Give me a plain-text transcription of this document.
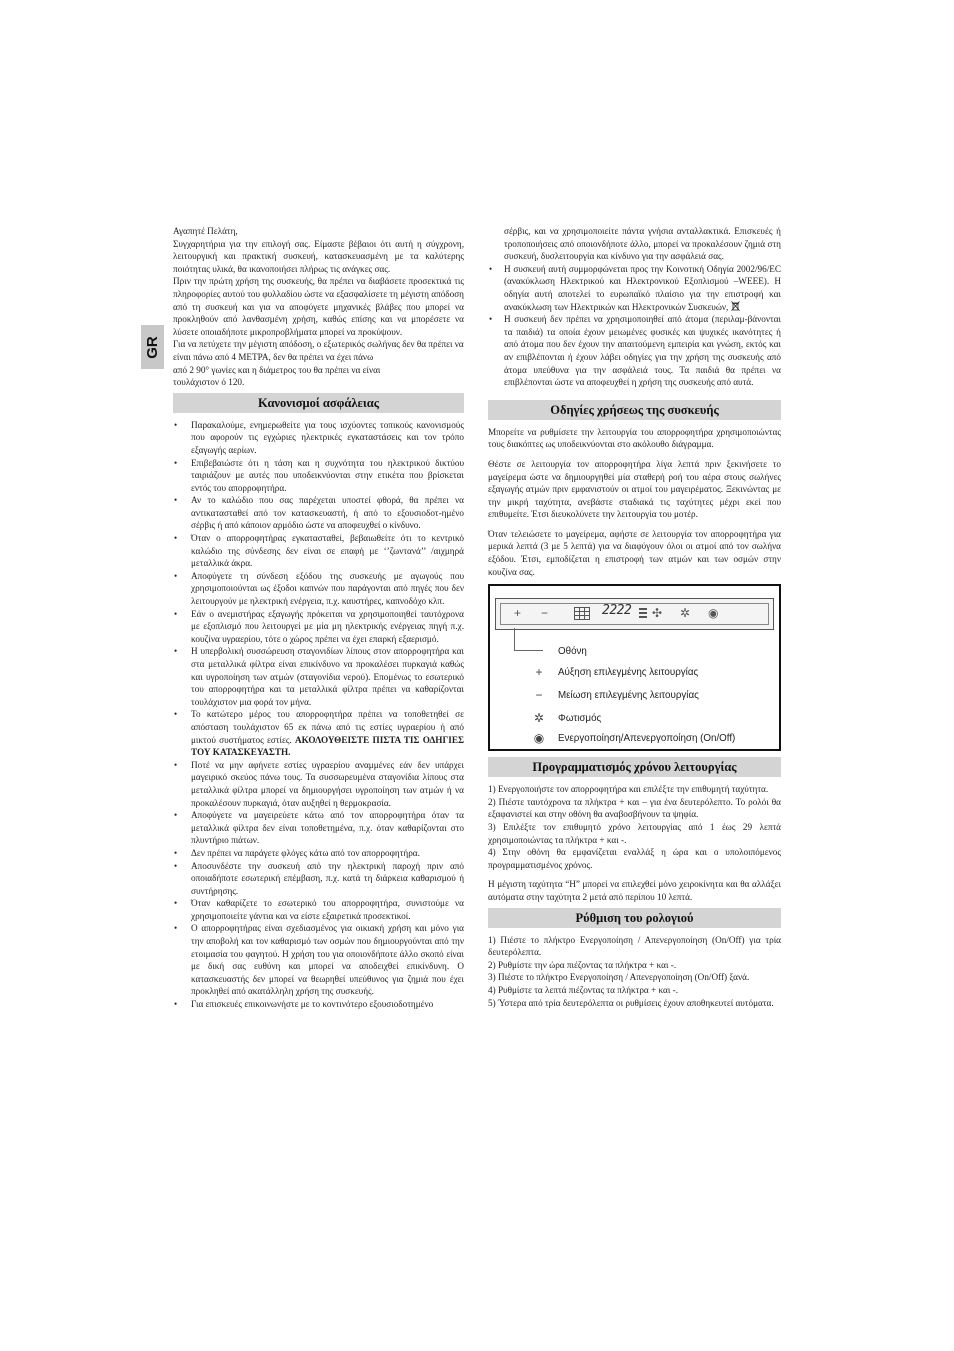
GR

Αγαπητέ Πελάτη,

Συγχαρητήρια για την επιλογή σας. Είμαστε βέβαιοι ότι αυτή η σύγχρονη, λειτουργική και πρακτική συσκευή, κατασκευασμένη με τα καλύτερης ποιότητας υλικά, θα ικανοποιήσει πλήρως τις ανάγκες σας.

Πριν την πρώτη χρήση της συσκευής, θα πρέπει να διαβάσετε προσεκτικά τις πληροφορίες αυτού του φυλλαδίου ώστε να εξασφαλίσετε τη μέγιστη απόδοση από τη συσκευή και για να αποφύγετε μηχανικές βλάβες που μπορεί να προκληθούν από λανθασμένη χρήση, καθώς επίσης και να μπορέσετε να λύσετε οποιαδήποτε μικροπροβλήματα μπορεί να προκύψουν.

Για να πετύχετε την μέγιστη απόδοση, ο εξωτερικός σωλήνας δεν θα πρέπει να είναι πάνω από 4 ΜΕΤΡΑ, δεν θα πρέπει να έχει πάνω

από 2 90° γωνίες και η διάμετρος του θα πρέπει να είναι

τουλάχιστον ό 120.

Κανονισμοί ασφάλειας
• Παρακαλούμε, ενημερωθείτε για τους ισχύοντες τοπικούς κανονισμούς που αφορούν τις εγχώριες ηλεκτρικές εγκαταστάσεις και τον τρόπο εξαγωγής αερίων.
• Επιβεβαιώστε ότι η τάση και η συχνότητα του ηλεκτρικού δικτύου ταιριάζουν με αυτές που υποδεικνύονται στην ετικέτα που βρίσκεται εντός του απορροφητήρα.
• Αν το καλώδιο που σας παρέχεται υποστεί φθορά, θα πρέπει να αντικατασταθεί από τον κατασκευαστή, ή από το εξουσιοδοτ-ημένο σέρβις ή από κάποιον αρμόδιο ώστε να αποφευχθεί ο κίνδυνο.
• Όταν ο απορροφητήρας εγκατασταθεί, βεβαιωθείτε ότι το κεντρικό καλώδιο της σύνδεσης δεν είναι σε επαφή με ‘’ζωντανά’’ /αιχμηρά μεταλλικά άκρα.
• Αποφύγετε τη σύνδεση εξόδου της συσκευής με αγωγούς που χρησιμοποιούνται ως έξοδοι καπνών που παράγονται από πηγές που δεν λειτουργούν με ηλεκτρική ενέργεια, π.χ. καυστήρες, καπνοδόχο κλπ.
• Εάν ο ανεμιστήρας εξαγωγής πρόκειται να χρησιμοποιηθεί ταυτόχρονα με εξοπλισμό που λειτουργεί με μία μη ηλεκτρικής ενέργειας πηγή π.χ. κουζίνα υγραερίου, τότε ο χώρος πρέπει να έχει επαρκή εξαερισμό.
• Η υπερβολική συσσώρευση σταγονιδίων λίπους στον απορροφητήρα και στα μεταλλικά φίλτρα είναι επικίνδυνο να προκαλέσει πυρκαγιά καθώς και υγροποίηση των ατμών (σταγονίδια νερού). Επομένως το εσωτερικό του απορροφητήρα και τα μεταλλικά φίλτρα πρέπει να καθαρίζονται τουλάχιστον μια φορά τον μήνα.
• Το κατώτερο μέρος του απορροφητήρα πρέπει να τοποθετηθεί σε απόσταση τουλάχιστον 65 εκ πάνω από τις εστίες υγραερίου ή από μικτού συστήματος εστίες. ΑΚΟΛΟΥΘΕΙΣΤΕ ΠΙΣΤΑ ΤΙΣ ΟΔΗΓΙΕΣ ΤΟΥ ΚΑΤΑΣΚΕΥΑΣΤΗ.
• Ποτέ να μην αφήνετε εστίες υγραερίου αναμμένες εάν δεν υπάρχει μαγειρικό σκεύος πάνω τους. Τα συσσωρευμένα σταγονίδια λίπους στα μεταλλικά φίλτρα μπορεί να δημιουργήσει υγροποίηση των ατμών ή να προκαλέσουν πυρκαγιά, όταν αυξηθεί η θερμοκρασία.
• Αποφύγετε να μαγειρεύετε κάτω από τον απορροφητήρα όταν τα μεταλλικά φίλτρα δεν είναι τοποθετημένα, π.χ. όταν καθαρίζονται στο πλυντήριο πιάτων.
• Δεν πρέπει να παράγετε φλόγες κάτω από τον απορροφητήρα.
• Αποσυνδέστε την συσκευή από την ηλεκτρική παροχή πριν από οποιαδήποτε εσωτερική επέμβαση, π.χ. κατά τη διάρκεια καθαρισμού ή συντήρησης.
• Όταν καθαρίζετε το εσωτερικό του απορροφητήρα, συνιστούμε να χρησιμοποιείτε γάντια και να είστε εξαιρετικά προσεκτικοί.
• Ο απορροφητήρας είναι σχεδιασμένος για οικιακή χρήση και μόνο για την αποβολή και τον καθαρισμό των οσμών που δημιουργούνται από την ετοιμασία του φαγητού. Η χρήση του για οποιονδήποτε άλλο σκοπό είναι με δική σας ευθύνη και μπορεί να αποδειχθεί επικίνδυνη. Ο κατασκευαστής δεν μπορεί να θεωρηθεί υπεύθυνος για ζημιά που έχει προκληθεί από ακατάλληλη χρήση της συσκευής.
• Για επισκευές επικοινωνήστε με το κοντινότερο εξουσιοδοτημένο

σέρβις, και να χρησιμοποιείτε πάντα γνήσια ανταλλακτικά. Επισκευές ή τροποποιήσεις από οποιονδήποτε άλλο, μπορεί να προκαλέσουν ζημιά στη συσκευή, δυσλειτουργία και κίνδυνο για την ασφάλειά σας.

• Η συσκευή αυτή συμμορφώνεται προς την Κοινοτική Οδηγία 2002/96/EC (ανακύκλωση Ηλεκτρικού και Ηλεκτρονικού Εξοπλισμού –WEEE). Η οδηγία αυτή αποτελεί το ευρωπαϊκό πλαίσιο για την επιστροφή και ανακύκλωση των Ηλεκτρικών και Ηλεκτρονικών Συσκευών,
• Η συσκευή δεν πρέπει να χρησιμοποιηθεί από άτομα (περιλαμ-βάνονται τα παιδιά) τα οποία έχουν μειωμένες φυσικές και ψυχικές ικανότητες ή από άτομα που δεν έχουν την απαιτούμενη εμπειρία και γνώση, εκτός και αν επιβλέπονται ή έχουν λάβει οδηγίες για την χρήση της συσκευής από άτομα υπεύθυνα για την ασφάλειά τους. Τα παιδιά θα πρέπει να επιβλέπονται ώστε να αποφευχθεί η χρήση της συσκευής από αυτά.
Οδηγίες χρήσεως της συσκευής

Μπορείτε να ρυθμίσετε την λειτουργία του απορροφητήρα χρησιμοποιώντας τους διακόπτες ως υποδεικνύονται στο ακόλουθο διάγραμμα.

Θέστε σε λειτουργία τον απορροφητήρα λίγα λεπτά πριν ξεκινήσετε το μαγείρεμα ώστε να δημιουργηθεί μία σταθερή ροή του αέρα στους σωλήνες εξαγωγής ατμών πριν εμφανιστούν οι ατμοί του μαγειρέματος. Ξεκινώντας με την μικρή ταχύτητα, ανεβάστε σταδιακά τις ταχύτητες μέχρι εκεί που επιθυμείτε. Έτσι διευκολύνετε την λειτουργία του μοτέρ.

Όταν τελειώσετε το μαγείρεμα, αφήστε σε λειτουργία τον απορροφητήρα για μερικά λεπτά (3 με 5 λεπτά) για να διαφύγουν όλοι οι ατμοί από τον σωλήνα εξόδου. Έτσι, εμποδίζεται η επιστροφή των ατμών και των οσμών στην κουζίνα σας.

+ −	2222 ✣ ✲ ◉
Οθόνη
+	Αύξηση επιλεγμένης λειτουργίας
−	Μείωση επιλεγμένης λειτουργίας
✲ Φωτισμός
◉ Ενεργοποίηση/Απενεργοποίηση (On/Off)
Προγραμματισμός χρόνου λειτουργίας

1) Ενεργοποιήστε τον απορροφητήρα και επιλέξτε την επιθυμητή ταχύτητα.

2) Πιέστε ταυτόχρονα τα πλήκτρα + και – για ένα δευτερόλεπτο. Το ρολόι θα εξαφανιστεί και στην οθόνη θα αναβοσβήνουν τα ψηφία.

3) Επιλέξτε τον επιθυμητό χρόνο λειτουργίας από 1 έως 29 λεπτά χρησιμοποιώντας τα πλήκτρα + και -.

4) Στην οθόνη θα εμφανίζεται εναλλάξ η ώρα και ο υπολοιπόμενος προγραμματισμένος χρόνος.

Η μέγιστη ταχύτητα “H” μπορεί να επιλεχθεί μόνο χειροκίνητα και θα αλλάξει αυτόματα στην ταχύτητα 2 μετά από περίπου 10 λεπτά.

Ρύθμιση του ρολογιού

1) Πιέστε το πλήκτρο Ενεργοποίηση / Απενεργοποίηση (On/Off) για τρία δευτερόλεπτα.

2) Ρυθμίστε την ώρα πιέζοντας τα πλήκτρα + και -.

3) Πιέστε το πλήκτρο Ενεργοποίηση / Απενεργοποίηση (On/Off) ξανά.

4) Ρυθμίστε τα λεπτά πιέζοντας τα πλήκτρα + και -.

5) Ύστερα από τρία δευτερόλεπτα οι ρυθμίσεις έχουν αποθηκευτεί αυτόματα.
